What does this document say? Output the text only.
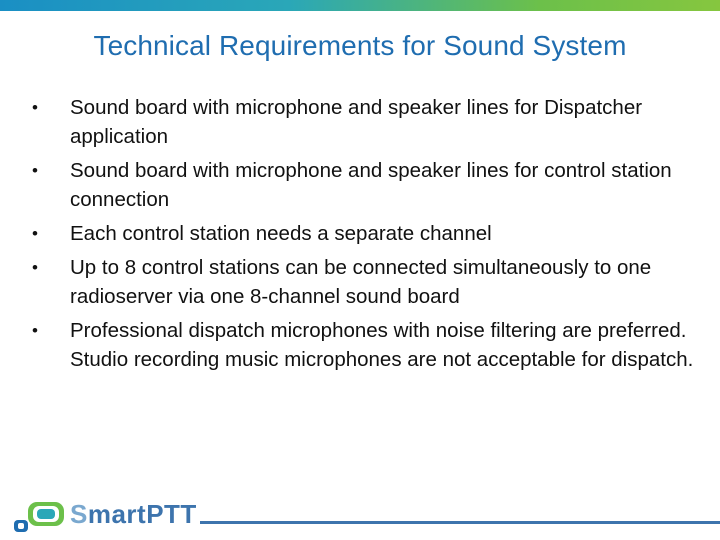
Technical Requirements for Sound System
• Sound board with microphone and speaker lines for Dispatcher application
• Sound board with microphone and speaker lines for control station connection
• Each control station needs a separate channel
• Up to 8 control stations can be connected simultaneously to one radioserver via one 8-channel sound board
• Professional dispatch microphones with noise filtering are preferred. Studio recording music microphones are not acceptable for dispatch.
SmartPTT
